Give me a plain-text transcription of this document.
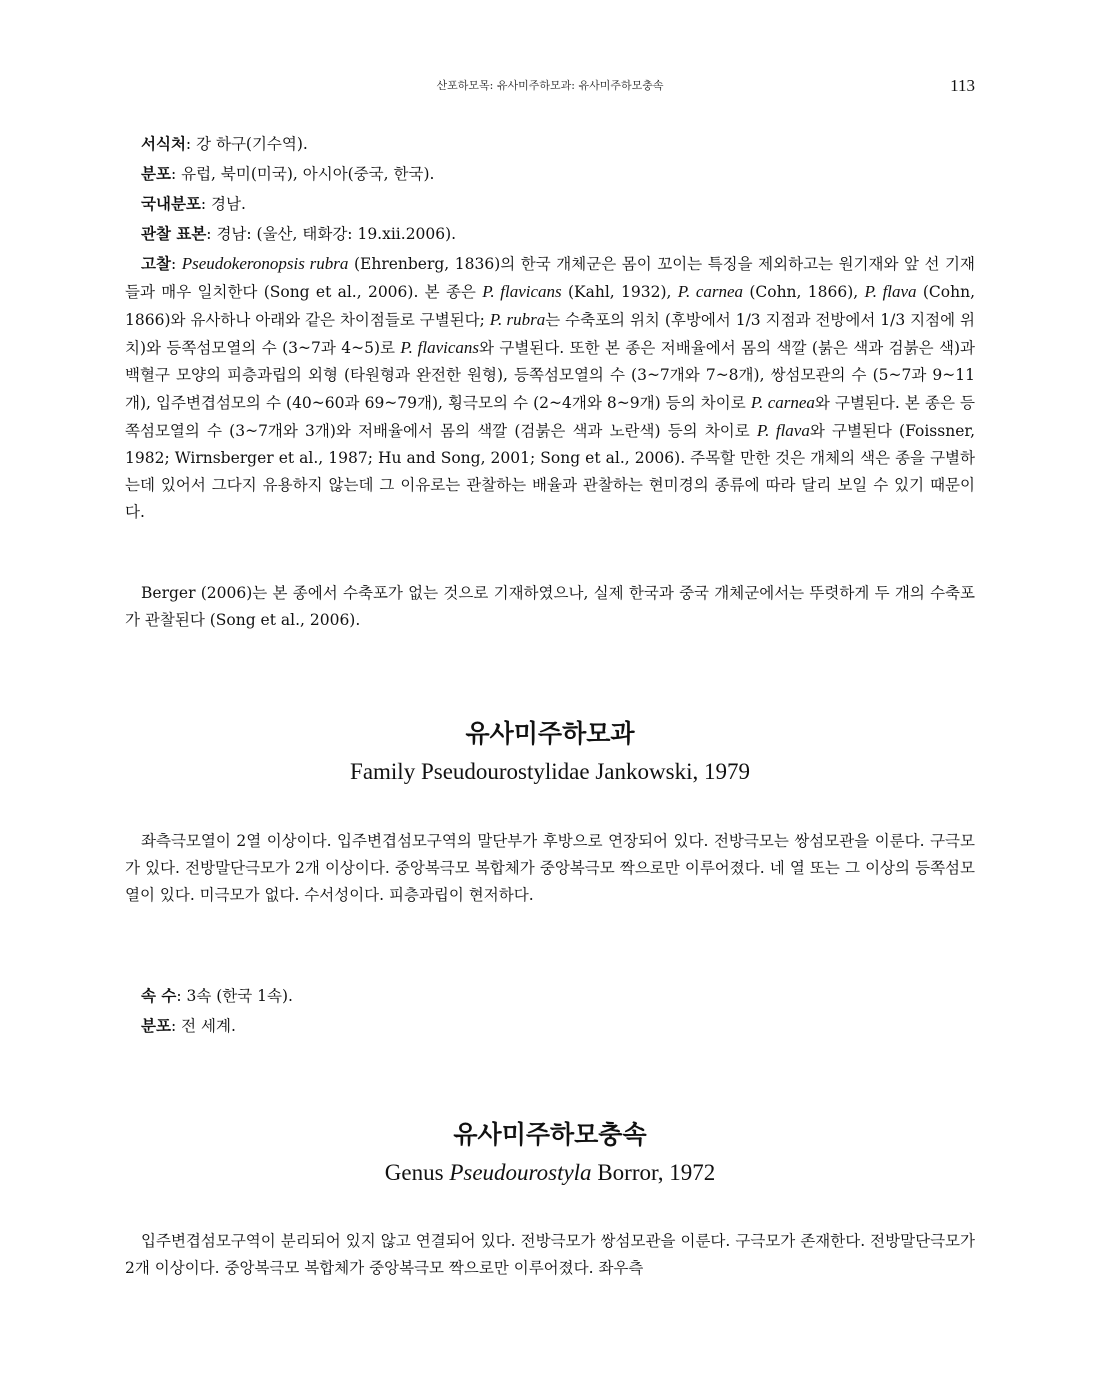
산포하모목: 유사미주하모과: 유사미주하모충속	113

서식처: 강 하구(기수역).

분포: 유럽, 북미(미국), 아시아(중국, 한국).

국내분포: 경남.

관찰 표본: 경남: (울산, 태화강: 19.xii.2006).

고찰: Pseudokeronopsis rubra (Ehrenberg, 1836)의 한국 개체군은 몸이 꼬이는 특징을 제외하고는 원기재와 앞 선 기재들과 매우 일치한다 (Song et al., 2006). 본 종은 P. flavicans (Kahl, 1932), P. carnea (Cohn, 1866), P. flava (Cohn, 1866)와 유사하나 아래와 같은 차이점들로 구별된다; P. rubra는 수축포의 위치 (후방에서 1/3 지점과 전방에서 1/3 지점에 위치)와 등쪽섬모열의 수 (3~7과 4~5)로 P. flavicans와 구별된다. 또한 본 종은 저배율에서 몸의 색깔 (붉은 색과 검붉은 색)과 백혈구 모양의 피층과립의 외형 (타원형과 완전한 원형), 등쪽섬모열의 수 (3~7개와 7~8개), 쌍섬모관의 수 (5~7과 9~11개), 입주변겹섬모의 수 (40~60과 69~79개), 횡극모의 수 (2~4개와 8~9개) 등의 차이로 P. carnea와 구별된다. 본 종은 등쪽섬모열의 수 (3~7개와 3개)와 저배율에서 몸의 색깔 (검붉은 색과 노란색) 등의 차이로 P. flava와 구별된다 (Foissner, 1982; Wirnsberger et al., 1987; Hu and Song, 2001; Song et al., 2006). 주목할 만한 것은 개체의 색은 종을 구별하는데 있어서 그다지 유용하지 않는데 그 이유로는 관찰하는 배율과 관찰하는 현미경의 종류에 따라 달리 보일 수 있기 때문이다.

Berger (2006)는 본 종에서 수축포가 없는 것으로 기재하였으나, 실제 한국과 중국 개체군에서는 뚜렷하게 두 개의 수축포가 관찰된다 (Song et al., 2006).

유사미주하모과
Family Pseudourostylidae Jankowski, 1979

좌측극모열이 2열 이상이다. 입주변겹섬모구역의 말단부가 후방으로 연장되어 있다. 전방극모는 쌍섬모관을 이룬다. 구극모가 있다. 전방말단극모가 2개 이상이다. 중앙복극모 복합체가 중앙복극모 짝으로만 이루어졌다. 네 열 또는 그 이상의 등쪽섬모열이 있다. 미극모가 없다. 수서성이다. 피층과립이 현저하다.

속 수: 3속 (한국 1속).

분포: 전 세계.

유사미주하모충속
Genus Pseudourostyla Borror, 1972

입주변겹섬모구역이 분리되어 있지 않고 연결되어 있다. 전방극모가 쌍섬모관을 이룬다. 구극모가 존재한다. 전방말단극모가 2개 이상이다. 중앙복극모 복합체가 중앙복극모 짝으로만 이루어졌다. 좌우측
